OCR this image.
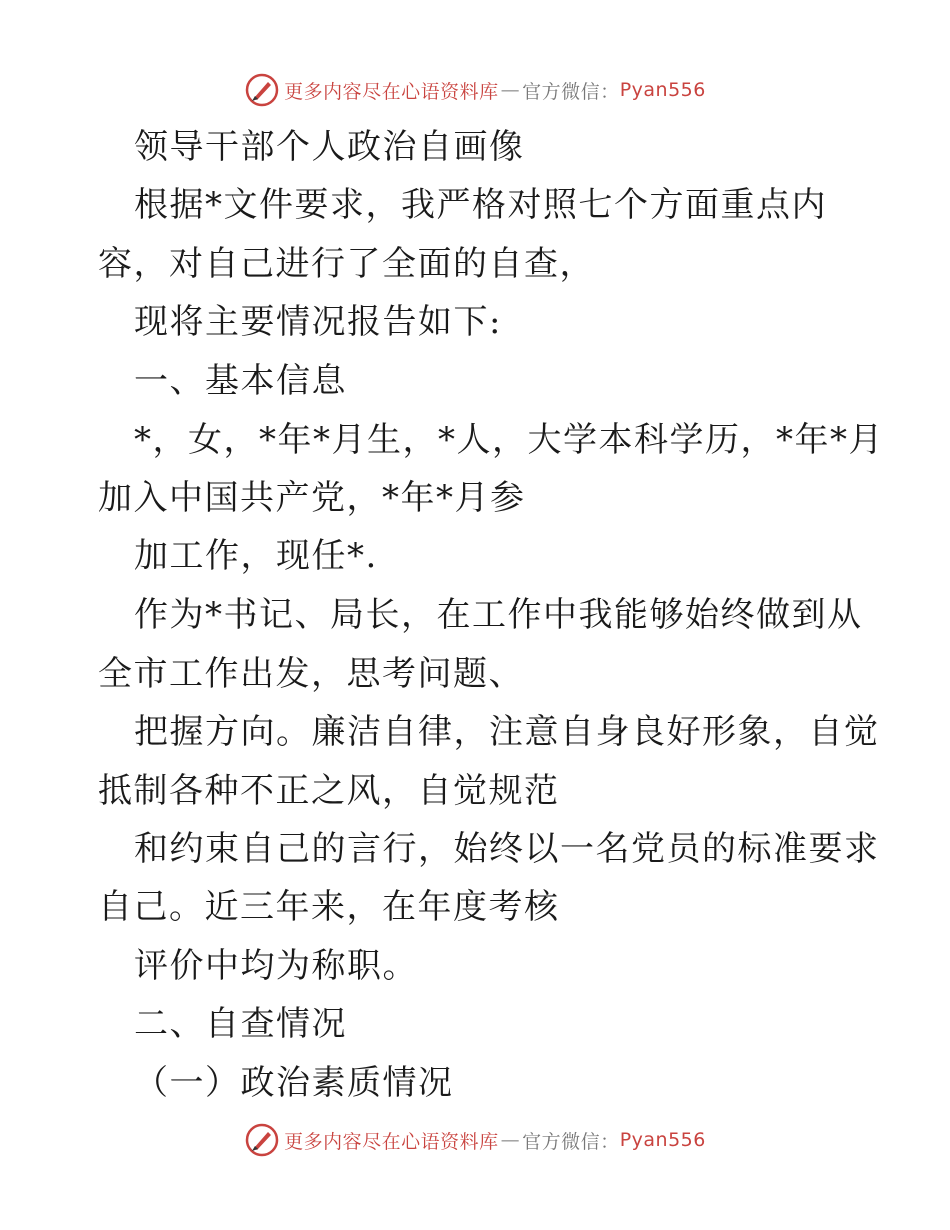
更多内容尽在心语资料库 — 官方微信： Pyan556
领导干部个人政治自画像
根据*文件要求，我严格对照七个方面重点内
容，对自己进行了全面的自查，
现将主要情况报告如下:
一、基本信息
*，女，*年*月生，*人，大学本科学历，*年*月
加入中国共产党，*年*月参
加工作，现任*.
作为*书记、局长，在工作中我能够始终做到从
全市工作出发，思考问题、
把握方向。廉洁自律，注意自身良好形象，自觉
抵制各种不正之风，自觉规范
和约束自己的言行，始终以一名党员的标准要求
自己。近三年来，在年度考核
评价中均为称职。
二、自查情况
（一）政治素质情况
更多内容尽在心语资料库 — 官方微信： Pyan556
